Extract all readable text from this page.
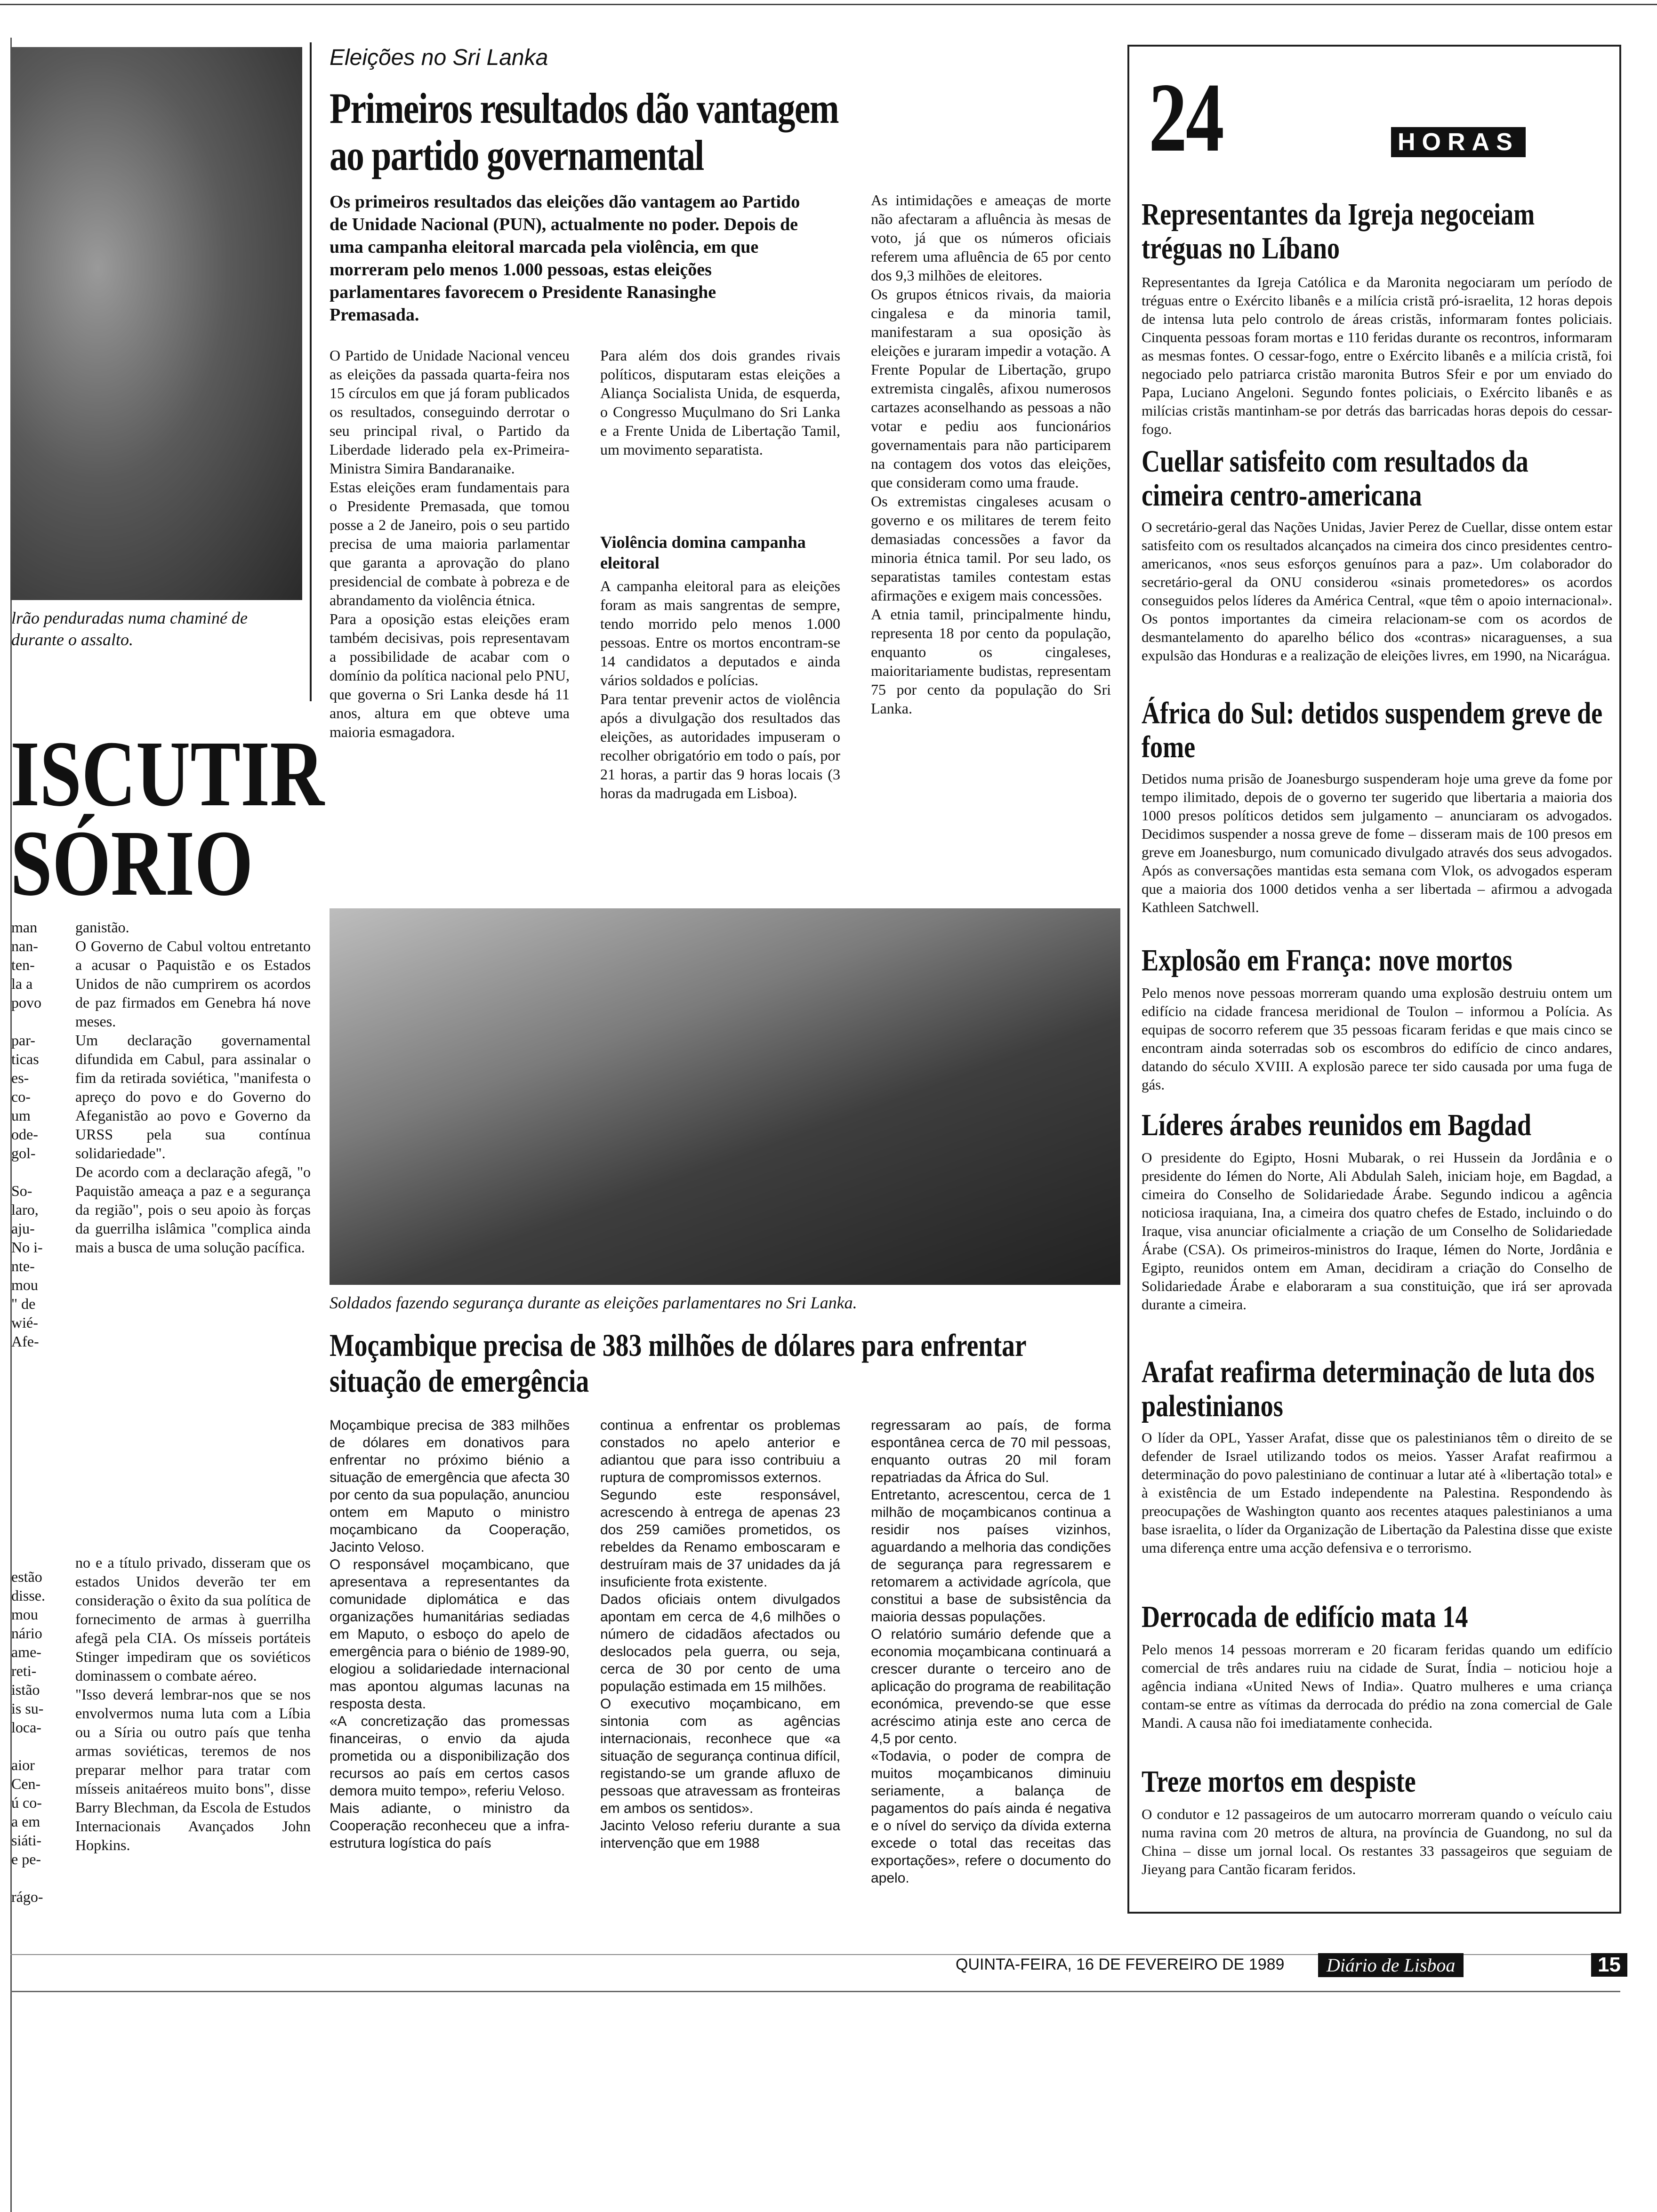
lrão penduradas numa chaminé de
durante o assalto.
ISCUTIR
SÓRIO
man
nan-
ten-
la a
povo

par-
ticas
es-
co-
um
ode-
gol-

So-
laro,
aju-
No i-
nte-
mou
" de
wié-
Afe-
ganistão.
O Governo de Cabul voltou entretanto a acusar o Paquistão e os Estados Unidos de não cumprirem os acordos de paz firmados em Genebra há nove meses.
Um declaração governamental difundida em Cabul, para assinalar o fim da retirada soviética, "manifesta o apreço do povo e do Governo do Afeganistão ao povo e Governo da URSS pela sua contínua solidariedade".
De acordo com a declaração afegã, "o Paquistão ameaça a paz e a segurança da região", pois o seu apoio às forças da guerrilha islâmica "complica ainda mais a busca de uma solução pacífica.
estão
disse.
mou
nário
ame-
reti-
istão
is su-
loca-

aior
Cen-
ú co-
a em
siáti-
e pe-

rágo-
no e a título privado, disseram que os estados Unidos deverão ter em consideração o êxito da sua política de fornecimento de armas à guerrilha afegã pela CIA. Os mísseis portáteis Stinger impediram que os soviéticos dominassem o combate aéreo.
"Isso deverá lembrar-nos que se nos envolvermos numa luta com a Líbia ou a Síria ou outro país que tenha armas soviéticas, teremos de nos preparar melhor para tratar com mísseis anitaéreos muito bons", disse Barry Blechman, da Escola de Estudos Internacionais Avançados John Hopkins.
Eleições no Sri Lanka
Primeiros resultados dão vantagem ao partido governamental
Os primeiros resultados das eleições dão vantagem ao Partido de Unidade Nacional (PUN), actualmente no poder. Depois de uma campanha eleitoral marcada pela violência, em que morreram pelo menos 1.000 pessoas, estas eleições parlamentares favorecem o Presidente Ranasinghe Premasada.
O Partido de Unidade Nacional venceu as eleições da passada quarta-feira nos 15 círculos em que já foram publicados os resultados, conseguindo derrotar o seu principal rival, o Partido da Liberdade liderado pela ex-Primeira-Ministra Simira Bandaranaike.
Estas eleições eram fundamentais para o Presidente Premasada, que tomou posse a 2 de Janeiro, pois o seu partido precisa de uma maioria parlamentar que garanta a aprovação do plano presidencial de combate à pobreza e de abrandamento da violência étnica.
Para a oposição estas eleições eram também decisivas, pois representavam a possibilidade de acabar com o domínio da política nacional pelo PNU, que governa o Sri Lanka desde há 11 anos, altura em que obteve uma maioria esmagadora.
Para além dos dois grandes rivais políticos, disputaram estas eleições a Aliança Socialista Unida, de esquerda, o Congresso Muçulmano do Sri Lanka e a Frente Unida de Libertação Tamil, um movimento separatista.
Violência domina campanha eleitoral
A campanha eleitoral para as eleições foram as mais sangrentas de sempre, tendo morrido pelo menos 1.000 pessoas. Entre os mortos encontram-se 14 candidatos a deputados e ainda vários soldados e polícias.
Para tentar prevenir actos de violência após a divulgação dos resultados das eleições, as autoridades impuseram o recolher obrigatório em todo o país, por 21 horas, a partir das 9 horas locais (3 horas da madrugada em Lisboa).
As intimidações e ameaças de morte não afectaram a afluência às mesas de voto, já que os números oficiais referem uma afluência de 65 por cento dos 9,3 milhões de eleitores.
Os grupos étnicos rivais, da maioria cingalesa e da minoria tamil, manifestaram a sua oposição às eleições e juraram impedir a votação. A Frente Popular de Libertação, grupo extremista cingalês, afixou numerosos cartazes aconselhando as pessoas a não votar e pediu aos funcionários governamentais para não participarem na contagem dos votos das eleições, que consideram como uma fraude.
Os extremistas cingaleses acusam o governo e os militares de terem feito demasiadas concessões a favor da minoria étnica tamil. Por seu lado, os separatistas tamiles contestam estas afirmações e exigem mais concessões.
A etnia tamil, principalmente hindu, representa 18 por cento da população, enquanto os cingaleses, maioritariamente budistas, representam 75 por cento da população do Sri Lanka.
Soldados fazendo segurança durante as eleições parlamentares no Sri Lanka.
Moçambique precisa de 383 milhões de dólares para enfrentar situação de emergência
Moçambique precisa de 383 milhões de dólares em donativos para enfrentar no próximo biénio a situação de emergência que afecta 30 por cento da sua população, anunciou ontem em Maputo o ministro moçambicano da Cooperação, Jacinto Veloso.
O responsável moçambicano, que apresentava a representantes da comunidade diplomática e das organizações humanitárias sediadas em Maputo, o esboço do apelo de emergência para o biénio de 1989-90, elogiou a solidariedade internacional mas apontou algumas lacunas na resposta desta.
«A concretização das promessas financeiras, o envio da ajuda prometida ou a disponibilização dos recursos ao país em certos casos demora muito tempo», referiu Veloso.
Mais adiante, o ministro da Cooperação reconheceu que a infra-estrutura logística do país
continua a enfrentar os problemas constados no apelo anterior e adiantou que para isso contribuiu a ruptura de compromissos externos.
Segundo este responsável, acrescendo à entrega de apenas 23 dos 259 camiões prometidos, os rebeldes da Renamo emboscaram e destruíram mais de 37 unidades da já insuficiente frota existente.
Dados oficiais ontem divulgados apontam em cerca de 4,6 milhões o número de cidadãos afectados ou deslocados pela guerra, ou seja, cerca de 30 por cento de uma população estimada em 15 milhões.
O executivo moçambicano, em sintonia com as agências internacionais, reconhece que «a situação de segurança continua difícil, registando-se um grande afluxo de pessoas que atravessam as fronteiras em ambos os sentidos».
Jacinto Veloso referiu durante a sua intervenção que em 1988
regressaram ao país, de forma espontânea cerca de 70 mil pessoas, enquanto outras 20 mil foram repatriadas da África do Sul.
Entretanto, acrescentou, cerca de 1 milhão de moçambicanos continua a residir nos países vizinhos, aguardando a melhoria das condições de segurança para regressarem e retomarem a actividade agrícola, que constitui a base de subsistência da maioria dessas populações.
O relatório sumário defende que a economia moçambicana continuará a crescer durante o terceiro ano de aplicação do programa de reabilitação económica, prevendo-se que esse acréscimo atinja este ano cerca de 4,5 por cento.
«Todavia, o poder de compra de muitos moçambicanos diminuiu seriamente, a balança de pagamentos do país ainda é negativa e o nível do serviço da dívida externa excede o total das receitas das exportações», refere o documento do apelo.
24	HORAS
Representantes da Igreja negoceiam tréguas no Líbano
Representantes da Igreja Católica e da Maronita negociaram um período de tréguas entre o Exército libanês e a milícia cristã pró-israelita, 12 horas depois de intensa luta pelo controlo de áreas cristãs, informaram fontes policiais. Cinquenta pessoas foram mortas e 110 feridas durante os recontros, informaram as mesmas fontes. O cessar-fogo, entre o Exército libanês e a milícia cristã, foi negociado pelo patriarca cristão maronita Butros Sfeir e por um enviado do Papa, Luciano Angeloni. Segundo fontes policiais, o Exército libanês e as milícias cristãs mantinham-se por detrás das barricadas horas depois do cessar-fogo.
Cuellar satisfeito com resultados da cimeira centro-americana
O secretário-geral das Nações Unidas, Javier Perez de Cuellar, disse ontem estar satisfeito com os resultados alcançados na cimeira dos cinco presidentes centro-americanos, «nos seus esforços genuínos para a paz». Um colaborador do secretário-geral da ONU considerou «sinais prometedores» os acordos conseguidos pelos líderes da América Central, «que têm o apoio internacional». Os pontos importantes da cimeira relacionam-se com os acordos de desmantelamento do aparelho bélico dos «contras» nicaraguenses, a sua expulsão das Honduras e a realização de eleições livres, em 1990, na Nicarágua.
África do Sul: detidos suspendem greve de fome
Detidos numa prisão de Joanesburgo suspenderam hoje uma greve da fome por tempo ilimitado, depois de o governo ter sugerido que libertaria a maioria dos 1000 presos políticos detidos sem julgamento – anunciaram os advogados. Decidimos suspender a nossa greve de fome – disseram mais de 100 presos em greve em Joanesburgo, num comunicado divulgado através dos seus advogados. Após as conversações mantidas esta semana com Vlok, os advogados esperam que a maioria dos 1000 detidos venha a ser libertada – afirmou a advogada Kathleen Satchwell.
Explosão em França: nove mortos
Pelo menos nove pessoas morreram quando uma explosão destruiu ontem um edifício na cidade francesa meridional de Toulon – informou a Polícia. As equipas de socorro referem que 35 pessoas ficaram feridas e que mais cinco se encontram ainda soterradas sob os escombros do edifício de cinco andares, datando do século XVIII. A explosão parece ter sido causada por uma fuga de gás.
Líderes árabes reunidos em Bagdad
O presidente do Egipto, Hosni Mubarak, o rei Hussein da Jordânia e o presidente do Iémen do Norte, Ali Abdulah Saleh, iniciam hoje, em Bagdad, a cimeira do Conselho de Solidariedade Árabe. Segundo indicou a agência noticiosa iraquiana, Ina, a cimeira dos quatro chefes de Estado, incluindo o do Iraque, visa anunciar oficialmente a criação de um Conselho de Solidariedade Árabe (CSA). Os primeiros-ministros do Iraque, Iémen do Norte, Jordânia e Egipto, reunidos ontem em Aman, decidiram a criação do Conselho de Solidariedade Árabe e elaboraram a sua constituição, que irá ser aprovada durante a cimeira.
Arafat reafirma determinação de luta dos palestinianos
O líder da OPL, Yasser Arafat, disse que os palestinianos têm o direito de se defender de Israel utilizando todos os meios. Yasser Arafat reafirmou a determinação do povo palestiniano de continuar a lutar até à «libertação total» e à existência de um Estado independente na Palestina. Respondendo às preocupações de Washington quanto aos recentes ataques palestinianos a uma base israelita, o líder da Organização de Libertação da Palestina disse que existe uma diferença entre uma acção defensiva e o terrorismo.
Derrocada de edifício mata 14
Pelo menos 14 pessoas morreram e 20 ficaram feridas quando um edifício comercial de três andares ruiu na cidade de Surat, Índia – noticiou hoje a agência indiana «United News of India». Quatro mulheres e uma criança contam-se entre as vítimas da derrocada do prédio na zona comercial de Gale Mandi. A causa não foi imediatamente conhecida.
Treze mortos em despiste
O condutor e 12 passageiros de um autocarro morreram quando o veículo caiu numa ravina com 20 metros de altura, na província de Guandong, no sul da China – disse um jornal local. Os restantes 33 passageiros que seguiam de Jieyang para Cantão ficaram feridos.
QUINTA-FEIRA, 16 DE FEVEREIRO DE 1989	Diário de Lisboa	15
